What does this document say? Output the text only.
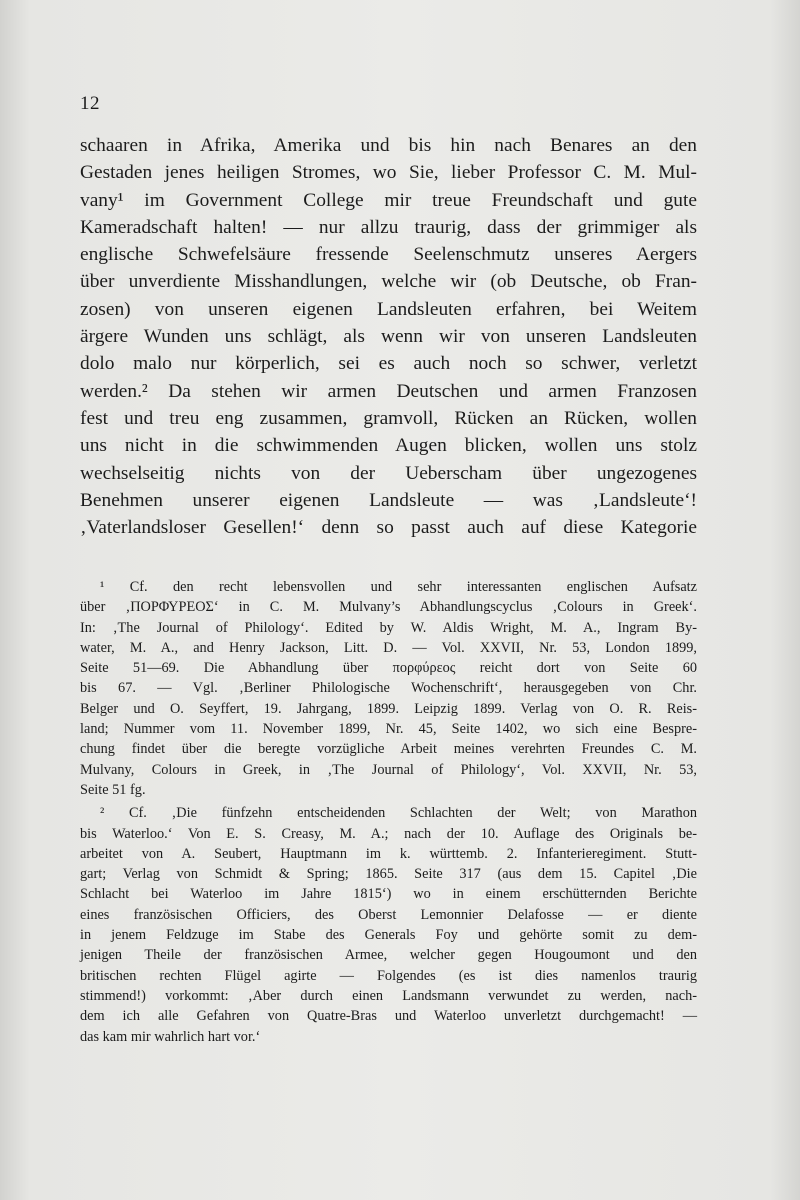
12
schaaren in Afrika, Amerika und bis hin nach Benares an den
Gestaden jenes heiligen Stromes, wo Sie, lieber Professor C. M. Mul-
vany¹ im Government College mir treue Freundschaft und gute
Kameradschaft halten! — nur allzu traurig, dass der grimmiger als
englische Schwefelsäure fressende Seelenschmutz unseres Aergers
über unverdiente Misshandlungen, welche wir (ob Deutsche, ob Fran-
zosen) von unseren eigenen Landsleuten erfahren, bei Weitem
ärgere Wunden uns schlägt, als wenn wir von unseren Landsleuten
dolo malo nur körperlich, sei es auch noch so schwer, verletzt
werden.² Da stehen wir armen Deutschen und armen Franzosen
fest und treu eng zusammen, gramvoll, Rücken an Rücken, wollen
uns nicht in die schwimmenden Augen blicken, wollen uns stolz
wechselseitig nichts von der Ueberscham über ungezogenes
Benehmen unserer eigenen Landsleute — was ‚Landsleute‘!
‚Vaterlandsloser Gesellen!‘ denn so passt auch auf diese Kategorie
¹ Cf. den recht lebensvollen und sehr interessanten englischen Aufsatz
über ‚ΠΟΡΦΥΡΕΟΣ‘ in C. M. Mulvany’s Abhandlungscyclus ‚Colours in Greek‘.
In: ‚The Journal of Philology‘. Edited by W. Aldis Wright, M. A., Ingram By-
water, M. A., and Henry Jackson, Litt. D. — Vol. XXVII, Nr. 53, London 1899,
Seite 51—69. Die Abhandlung über πορφύρεος reicht dort von Seite 60
bis 67. — Vgl. ‚Berliner Philologische Wochenschrift‘, herausgegeben von Chr.
Belger und O. Seyffert, 19. Jahrgang, 1899. Leipzig 1899. Verlag von O. R. Reis-
land; Nummer vom 11. November 1899, Nr. 45, Seite 1402, wo sich eine Bespre-
chung findet über die beregte vorzügliche Arbeit meines verehrten Freundes C. M.
Mulvany, Colours in Greek, in ‚The Journal of Philology‘, Vol. XXVII, Nr. 53,
Seite 51 fg.
² Cf. ‚Die fünfzehn entscheidenden Schlachten der Welt; von Marathon
bis Waterloo.‘ Von E. S. Creasy, M. A.; nach der 10. Auflage des Originals be-
arbeitet von A. Seubert, Hauptmann im k. württemb. 2. Infanterieregiment. Stutt-
gart; Verlag von Schmidt & Spring; 1865. Seite 317 (aus dem 15. Capitel ‚Die
Schlacht bei Waterloo im Jahre 1815‘) wo in einem erschütternden Berichte
eines französischen Officiers, des Oberst Lemonnier Delafosse — er diente
in jenem Feldzuge im Stabe des Generals Foy und gehörte somit zu dem-
jenigen Theile der französischen Armee, welcher gegen Hougoumont und den
britischen rechten Flügel agirte — Folgendes (es ist dies namenlos traurig
stimmend!) vorkommt: ‚Aber durch einen Landsmann verwundet zu werden, nach-
dem ich alle Gefahren von Quatre-Bras und Waterloo unverletzt durchgemacht! —
das kam mir wahrlich hart vor.‘
